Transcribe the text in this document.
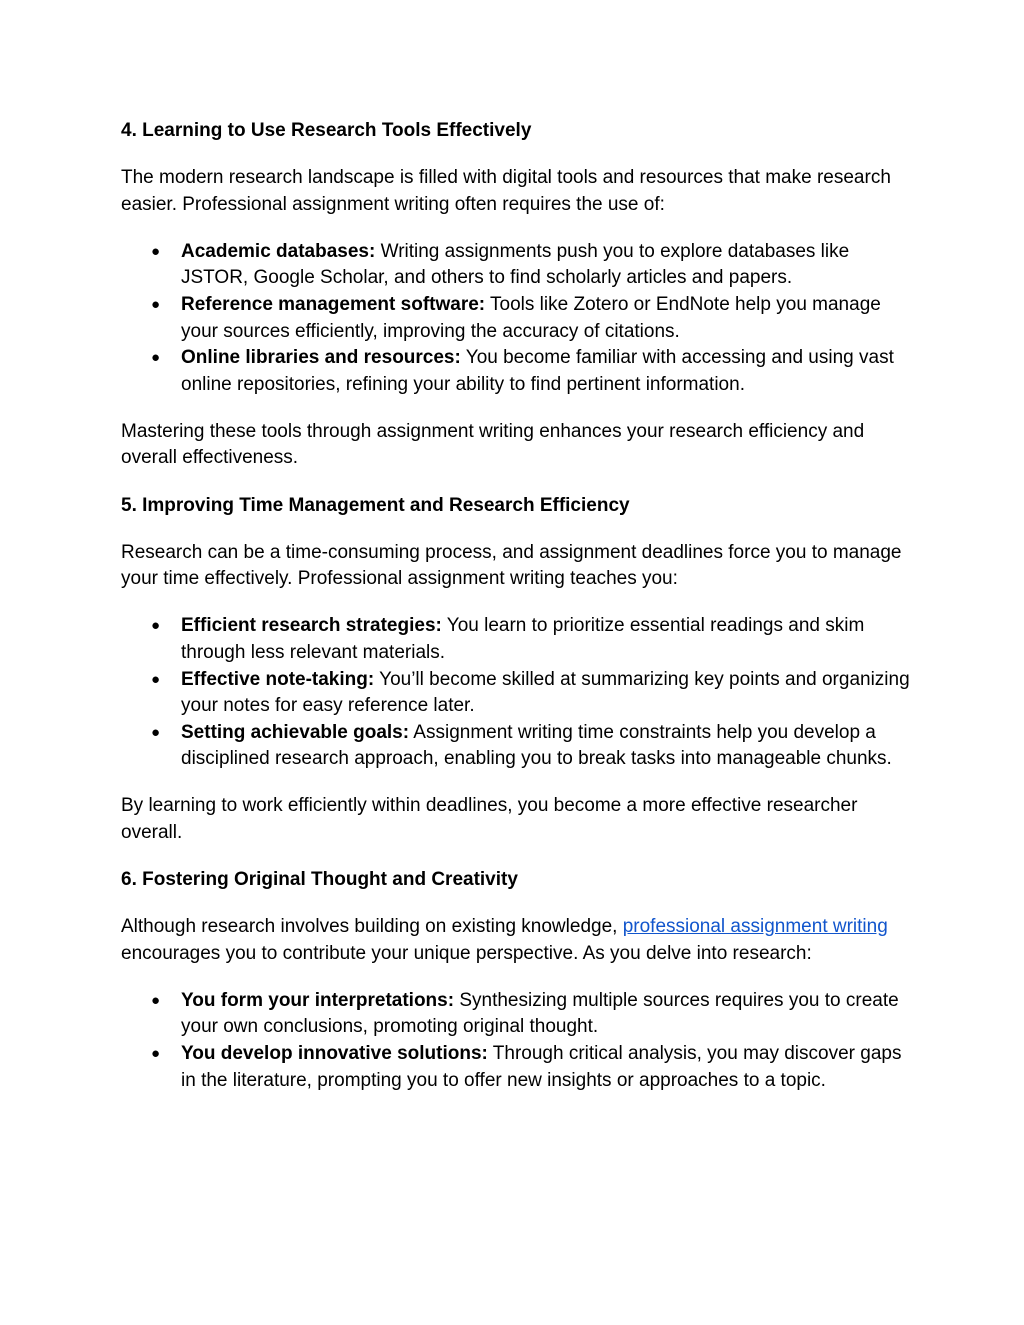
4. Learning to Use Research Tools Effectively

The modern research landscape is filled with digital tools and resources that make research easier. Professional assignment writing often requires the use of:

● Academic databases: Writing assignments push you to explore databases like JSTOR, Google Scholar, and others to find scholarly articles and papers.
● Reference management software: Tools like Zotero or EndNote help you manage your sources efficiently, improving the accuracy of citations.
● Online libraries and resources: You become familiar with accessing and using vast online repositories, refining your ability to find pertinent information.

Mastering these tools through assignment writing enhances your research efficiency and overall effectiveness.

5. Improving Time Management and Research Efficiency

Research can be a time-consuming process, and assignment deadlines force you to manage your time effectively. Professional assignment writing teaches you:

● Efficient research strategies: You learn to prioritize essential readings and skim through less relevant materials.
● Effective note-taking: You’ll become skilled at summarizing key points and organizing your notes for easy reference later.
● Setting achievable goals: Assignment writing time constraints help you develop a disciplined research approach, enabling you to break tasks into manageable chunks.

By learning to work efficiently within deadlines, you become a more effective researcher overall.

6. Fostering Original Thought and Creativity

Although research involves building on existing knowledge, professional assignment writing encourages you to contribute your unique perspective. As you delve into research:

● You form your interpretations: Synthesizing multiple sources requires you to create your own conclusions, promoting original thought.
● You develop innovative solutions: Through critical analysis, you may discover gaps in the literature, prompting you to offer new insights or approaches to a topic.
